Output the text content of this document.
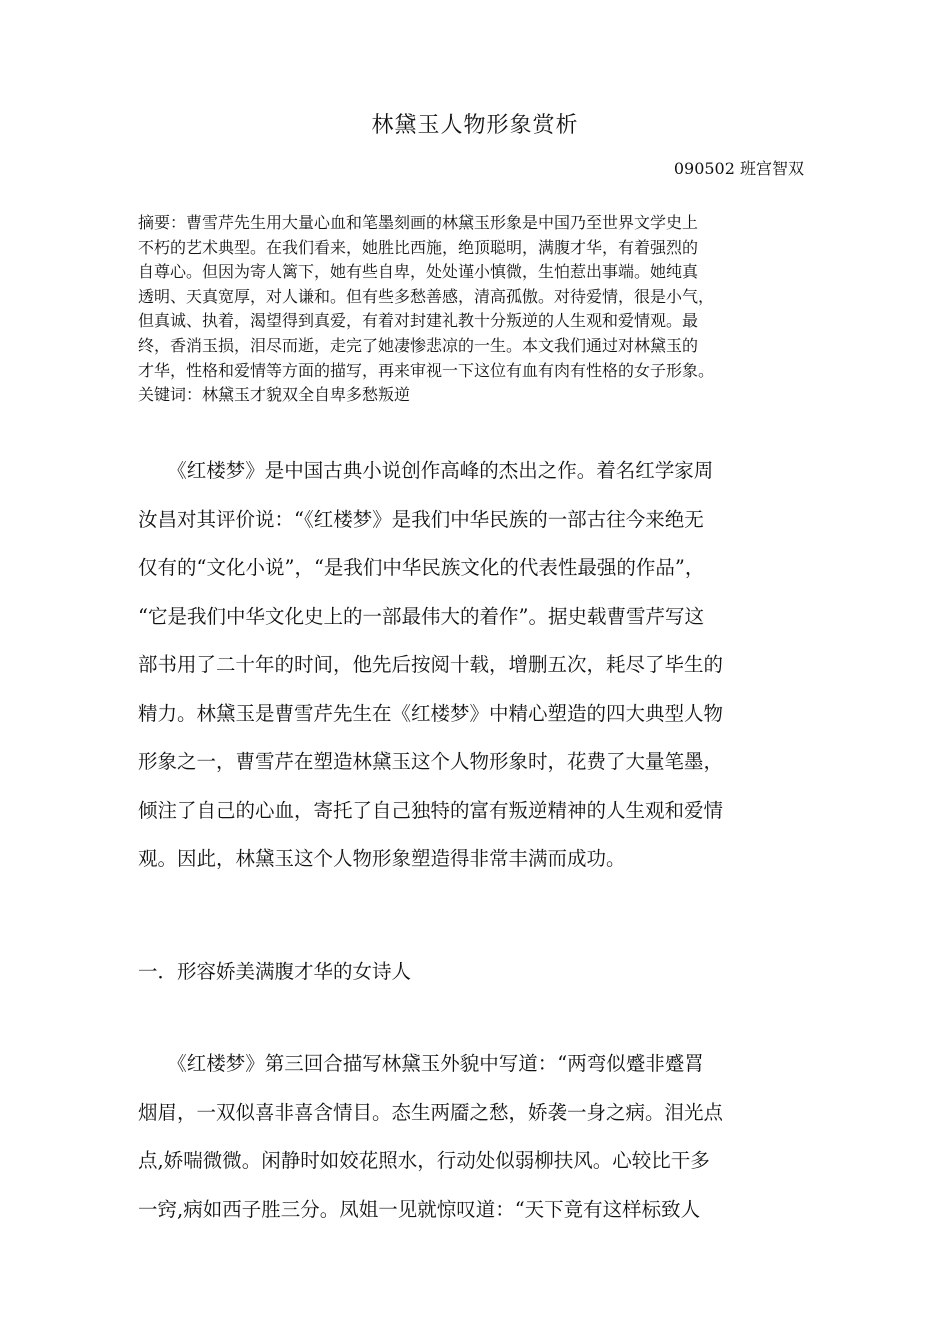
林黛玉人物形象赏析
090502 班宫智双
摘要：曹雪芹先生用大量心血和笔墨刻画的林黛玉形象是中国乃至世界文学史上
不朽的艺术典型。在我们看来，她胜比西施，绝顶聪明，满腹才华，有着强烈的
自尊心。但因为寄人篱下，她有些自卑，处处谨小慎微，生怕惹出事端。她纯真
透明、天真宽厚，对人谦和。但有些多愁善感，清高孤傲。对待爱情，很是小气，
但真诚、执着，渴望得到真爱，有着对封建礼教十分叛逆的人生观和爱情观。最
终，香消玉损，泪尽而逝，走完了她凄惨悲凉的一生。本文我们通过对林黛玉的
才华，性格和爱情等方面的描写，再来审视一下这位有血有肉有性格的女子形象。
关键词：林黛玉才貌双全自卑多愁叛逆
　　《红楼梦》是中国古典小说创作高峰的杰出之作。着名红学家周
汝昌对其评价说：“《红楼梦》是我们中华民族的一部古往今来绝无
仅有的“文化小说”，“是我们中华民族文化的代表性最强的作品”，
“它是我们中华文化史上的一部最伟大的着作”。据史载曹雪芹写这
部书用了二十年的时间，他先后按阅十载，增删五次，耗尽了毕生的
精力。林黛玉是曹雪芹先生在《红楼梦》中精心塑造的四大典型人物
形象之一，曹雪芹在塑造林黛玉这个人物形象时，花费了大量笔墨，
倾注了自己的心血，寄托了自己独特的富有叛逆精神的人生观和爱情
观。因此，林黛玉这个人物形象塑造得非常丰满而成功。
一．形容娇美满腹才华的女诗人
　　《红楼梦》第三回合描写林黛玉外貌中写道：“两弯似蹙非蹙罥
烟眉，一双似喜非喜含情目。态生两靥之愁，娇袭一身之病。泪光点
点,娇喘微微。闲静时如姣花照水，行动处似弱柳扶风。心较比干多
一窍,病如西子胜三分。凤姐一见就惊叹道：“天下竟有这样标致人
